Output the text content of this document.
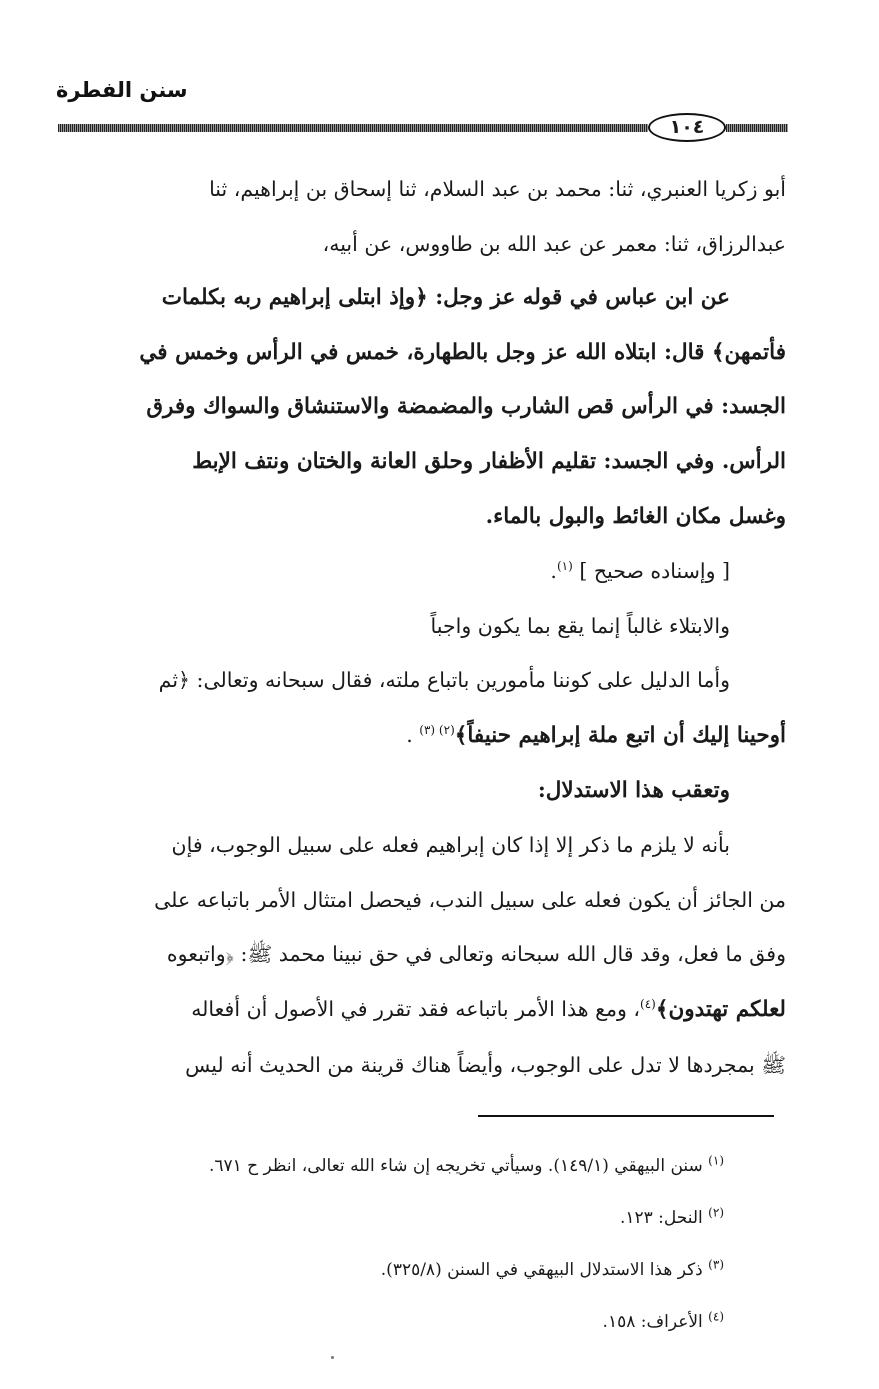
سنن الفطرة
١٠٤

أبو زكريا العنبري، ثنا: محمد بن عبد السلام، ثنا إسحاق بن إبراهيم، ثنا

عبدالرزاق، ثنا: معمر عن عبد الله بن طاووس، عن أبيه،

عن ابن عباس في قوله عز وجل: ﴿وإذ ابتلى إبراهيم ربه بكلمات

فأتمهن﴾ قال: ابتلاه الله عز وجل بالطهارة، خمس في الرأس وخمس في

الجسد: في الرأس قص الشارب والمضمضة والاستنشاق والسواك وفرق

الرأس. وفي الجسد: تقليم الأظفار وحلق العانة والختان ونتف الإبط

وغسل مكان الغائط والبول بالماء.

[ وإسناده صحيح ] $^{(١)}$.

والابتلاء غالباً إنما يقع بما يكون واجباً

وأما الدليل على كوننا مأمورين باتباع ملته، فقال سبحانه وتعالى: ﴿ثم

أوحينا إليك أن اتبع ملة إبراهيم حنيفاً﴾$^{(٢) (٣)}$ .

وتعقب هذا الاستدلال:

بأنه لا يلزم ما ذكر إلا إذا كان إبراهيم فعله على سبيل الوجوب، فإن

من الجائز أن يكون فعله على سبيل الندب، فيحصل امتثال الأمر باتباعه على

وفق ما فعل، وقد قال الله سبحانه وتعالى في حق نبينا محمد ﷺ: ﴿واتبعوه

لعلكم تهتدون﴾$^{(٤)}$، ومع هذا الأمر باتباعه فقد تقرر في الأصول أن أفعاله

ﷺ بمجردها لا تدل على الوجوب، وأيضاً هناك قرينة من الحديث أنه ليس

$^{(١)}$ سنن البيهقي (١٤٩/١). وسيأتي تخريجه إن شاء الله تعالى، انظر ح ٦٧١.

$^{(٢)}$ النحل: ١٢٣.

$^{(٣)}$ ذكر هذا الاستدلال البيهقي في السنن (٣٢٥/٨).

$^{(٤)}$ الأعراف: ١٥٨.
